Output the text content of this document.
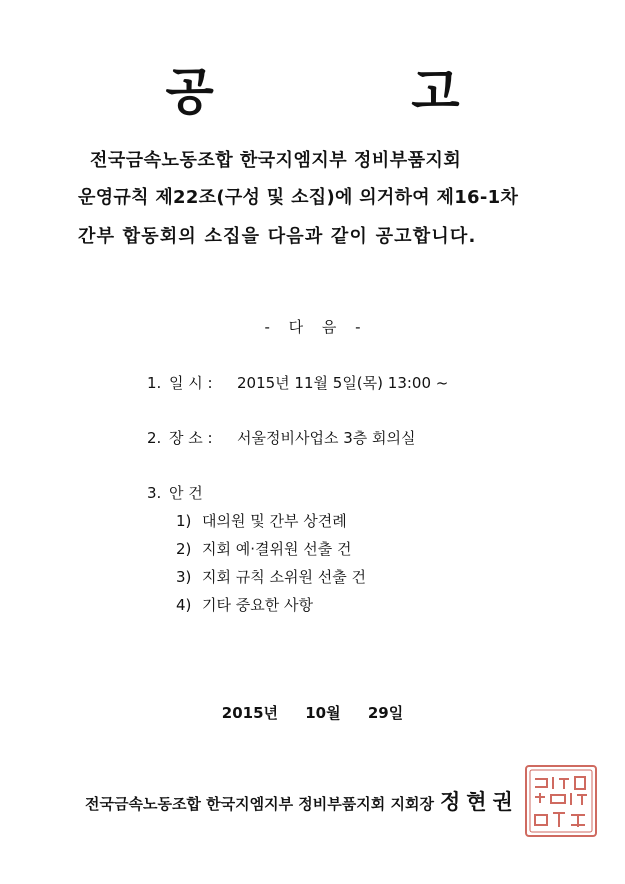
공 고
전국금속노동조합 한국지엠지부 정비부품지회
운영규칙 제22조(구성 및 소집)에 의거하여 제16-1차
간부 합동회의 소집을 다음과 같이 공고합니다.
- 다 음 -
1. 일 시 : 2015년 11월 5일(목) 13:00 ~
2. 장 소 : 서울정비사업소 3층 회의실
3. 안 건
1) 대의원 및 간부 상견례
2) 지회 예·결위원 선출 건
3) 지회 규칙 소위원 선출 건
4) 기타 중요한 사항
2015년 10월 29일
전국금속노동조합 한국지엠지부 정비부품지회 지회장 정현권
